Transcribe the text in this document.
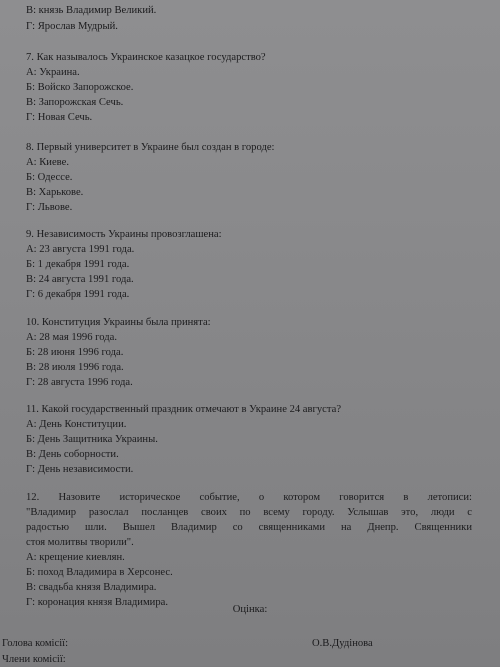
В: князь Владимир Великий.
Г: Ярослав Мудрый.
7. Как называлось Украинское казацкое государство?
А: Украина.
Б: Войско Запорожское.
В: Запорожская Сечь.
Г: Новая Сечь.
8. Первый университет в Украине был создан в городе:
А: Киеве.
Б: Одессе.
В: Харькове.
Г: Львове.
9. Независимость Украины провозглашена:
А: 23 августа 1991 года.
Б: 1 декабря 1991 года.
В: 24 августа 1991 года.
Г: 6 декабря 1991 года.
10. Конституция Украины была принята:
А: 28 мая 1996 года.
Б: 28 июня 1996 года.
В: 28 июля 1996 года.
Г: 28 августа 1996 года.
11. Какой государственный праздник отмечают в Украине 24 августа?
А: День Конституции.
Б: День Защитника Украины.
В: День соборности.
Г: День независимости.
12. Назовите историческое событие, о котором говорится в летописи:
"Владимир разослал посланцев своих по всему городу. Услышав это, люди с
радостью шли. Вышел Владимир со священниками на Днепр. Священники
стоя молитвы творили".
А: крещение киевлян.
Б: поход Владимира в Херсонес.
В: свадьба князя Владимира.
Г: коронация князя Владимира.
Оцінка:
Голова комісії:	О.В.Дудінова
Члени комісії:
